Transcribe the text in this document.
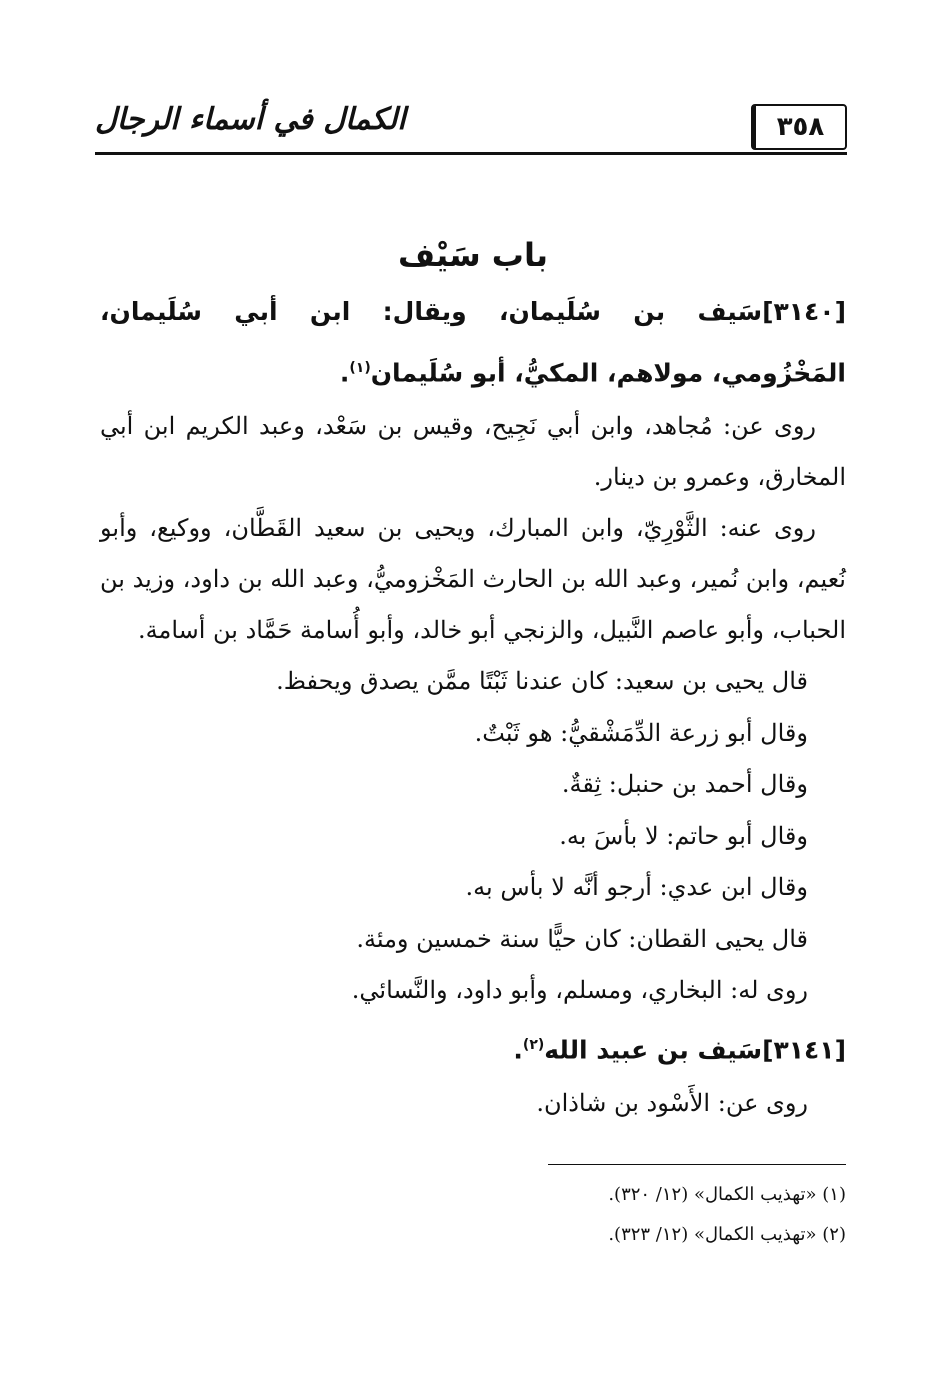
٣٥٨
الكمال في أسماء الرجال
باب سَيْف
[٣١٤٠]سَيف بن سُلَيمان، ويقال: ابن أبي سُلَيمان، المَخْزُومي، مولاهم، المكيُّ، أبو سُلَيمان$^{(١)}$.

روى عن: مُجاهد، وابن أبي نَجِيح، وقيس بن سَعْد، وعبد الكريم ابن أبي المخارق، وعمرو بن دينار.

روى عنه: الثَّوْرِيّ، وابن المبارك، ويحيى بن سعيد القَطَّان، ووكيع، وأبو نُعيم، وابن نُمير، وعبد الله بن الحارث المَخْزوميُّ، وعبد الله بن داود، وزيد بن الحباب، وأبو عاصم النَّبيل، والزنجي أبو خالد، وأبو أُسامة حَمَّاد بن أسامة.

قال يحيى بن سعيد: كان عندنا ثَبْتًا ممَّن يصدق ويحفظ.

وقال أبو زرعة الدِّمَشْقيُّ: هو ثَبْتٌ.

وقال أحمد بن حنبل: ثِقةٌ.

وقال أبو حاتم: لا بأسَ به.

وقال ابن عدي: أرجو أنَّه لا بأس به.

قال يحيى القطان: كان حيًّا سنة خمسين ومئة.

روى له: البخاري، ومسلم، وأبو داود، والنَّسائي.

[٣١٤١]سَيف بن عبيد الله$^{(٢)}$.

روى عن: الأَسْود بن شاذان.

(١) «تهذيب الكمال» (١٢/ ٣٢٠).
(٢) «تهذيب الكمال» (١٢/ ٣٢٣).
